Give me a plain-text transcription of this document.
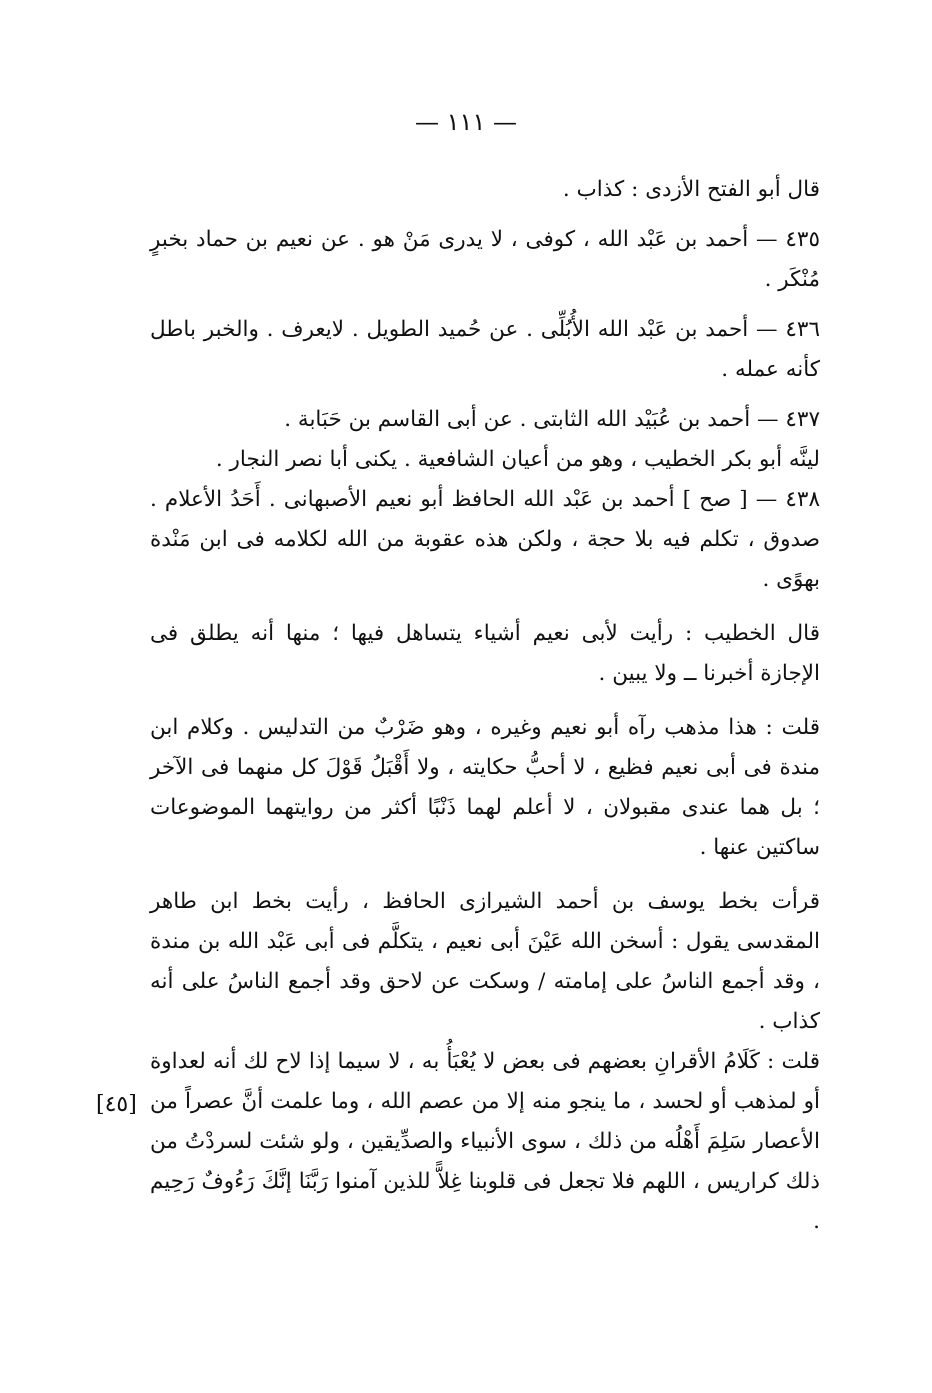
— ١١١ —
[٤٥]

قال أبو الفتح الأزدى : كذاب .

٤٣٥ — أحمد بن عَبْد الله ، كوفى ، لا يدرى مَنْ هو . عن نعيم بن حماد بخبرٍ مُنْكَر .

٤٣٦ — أحمد بن عَبْد الله الأُبُلِّى . عن حُميد الطويل . لايعرف . والخبر باطل كأنه عمله .

٤٣٧ — أحمد بن عُبَيْد الله الثابتى . عن أبى القاسم بن حَبَابة .

لينَّه أبو بكر الخطيب ، وهو من أعيان الشافعية . يكنى أبا نصر النجار .

٤٣٨ — [ صح ] أحمد بن عَبْد الله الحافظ أبو نعيم الأصبهانى . أَحَدُ الأعلام . صدوق ، تكلم فيه بلا حجة ، ولكن هذه عقوبة من الله لكلامه فى ابن مَنْدة بهوًى .

قال الخطيب : رأيت لأبى نعيم أشياء يتساهل فيها ؛ منها أنه يطلق فى الإجازة أخبرنا ــ ولا يبين .

قلت : هذا مذهب رآه أبو نعيم وغيره ، وهو ضَرْبٌ من التدليس . وكلام ابن مندة فى أبى نعيم فظيع ، لا أحبُّ حكايته ، ولا أَقْبَلُ قَوْلَ كل منهما فى الآخر ؛ بل هما عندى مقبولان ، لا أعلم لهما ذَنْبًا أكثر من روايتهما الموضوعات ساكتين عنها .

قرأت بخط يوسف بن أحمد الشيرازى الحافظ ، رأيت بخط ابن طاهر المقدسى يقول : أسخن الله عَيْنَ أبى نعيم ، يتكلَّم فى أبى عَبْد الله بن مندة ، وقد أجمع الناسُ على إمامته / وسكت عن لاحق وقد أجمع الناسُ على أنه كذاب .

قلت : كَلَامُ الأقرانِ بعضهم فى بعض لا يُعْبَأُ به ، لا سيما إذا لاح لك أنه لعداوة أو لمذهب أو لحسد ، ما ينجو منه إلا من عصم الله ، وما علمت أنَّ عصراً من الأعصار سَلِمَ أَهْلُه من ذلك ، سوى الأنبياء والصدِّيقين ، ولو شئت لسردْتُ من ذلك كراريس ، اللهم فلا تجعل فى قلوبنا غِلاًّ للذين آمنوا رَبَّنَا إنَّكَ رَءُوفٌ رَحِيم .
